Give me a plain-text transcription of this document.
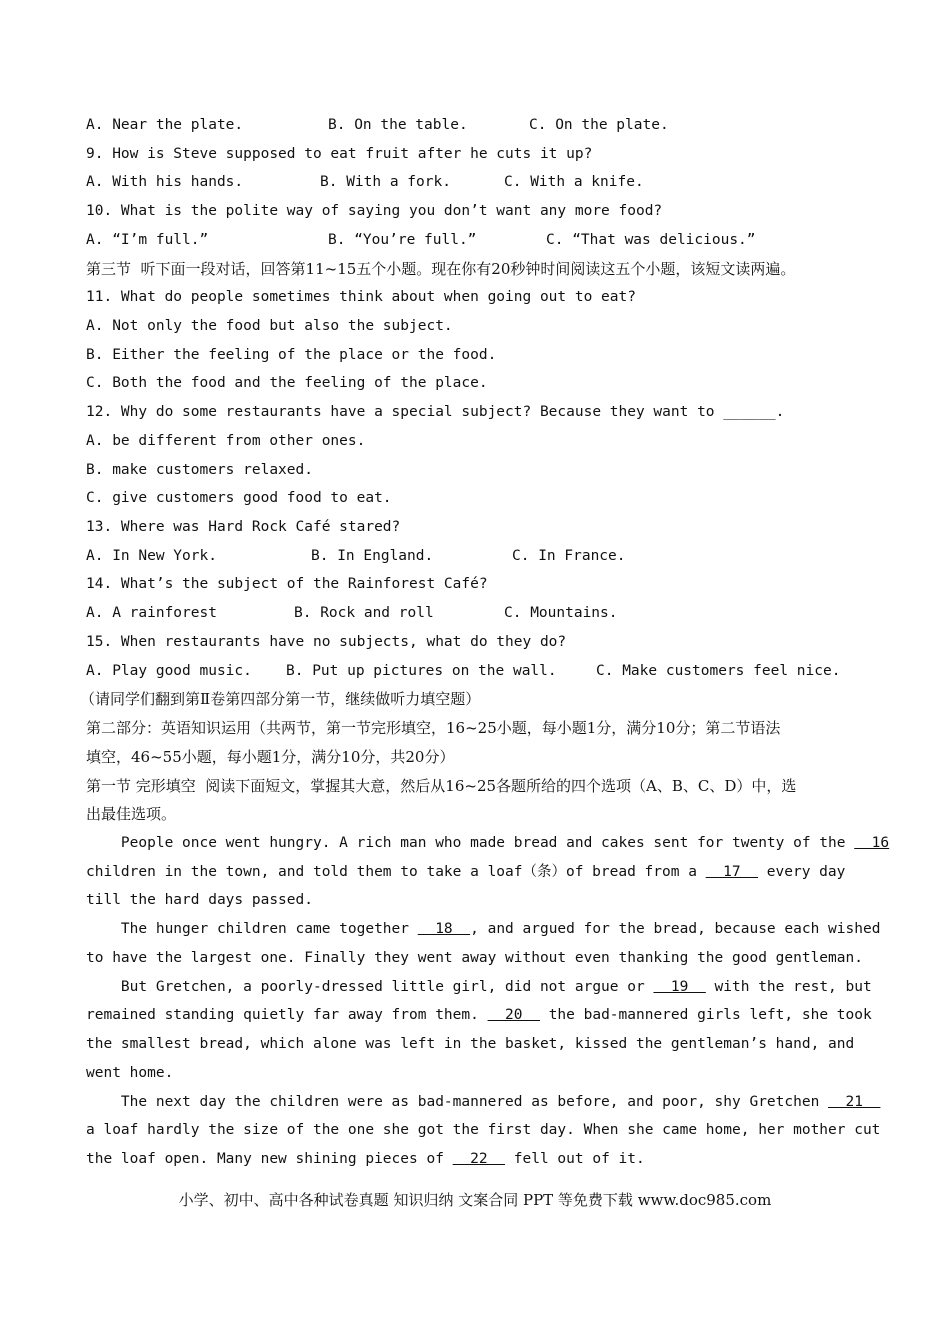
A. Near the plate.	B. On the table.	C. On the plate.
9. How is Steve supposed to eat fruit after he cuts it up?
A. With his hands.	B. With a fork.	C. With a knife.
10. What is the polite way of saying you don’t want any more food?
A. “I’m full.”	B. “You’re full.”	C. “That was delicious.”
第三节  听下面一段对话，回答第11~15五个小题。现在你有20秒钟时间阅读这五个小题，该短文读两遍。
11. What do people sometimes think about when going out to eat?
A. Not only the food but also the subject.
B. Either the feeling of the place or the food.
C. Both the food and the feeling of the place.
12. Why do some restaurants have a special subject? Because they want to ______.
A. be different from other ones.
B. make customers relaxed.
C. give customers good food to eat.
13. Where was Hard Rock Café stared?
A. In New York.	B. In England.	C. In France.
14. What’s the subject of the Rainforest Café?
A. A rainforest	B. Rock and roll	C. Mountains.
15. When restaurants have no subjects, what do they do?
A. Play good music. B. Put up pictures on the wall.	C. Make customers feel nice.
（请同学们翻到第Ⅱ卷第四部分第一节，继续做听力填空题）
第二部分：英语知识运用（共两节，第一节完形填空，16~25小题，每小题1分，满分10分；第二节语法
填空，46~55小题，每小题1分，满分10分，共20分）
第一节 完形填空  阅读下面短文，掌握其大意，然后从16~25各题所给的四个选项（A、B、C、D）中，选
出最佳选项。
People once went hungry. A rich man who made bread and cakes sent for twenty of the   16
children in the town, and told them to take a loaf（条）of bread from a   17   every day
till the hard days passed.
The hunger children came together   18  , and argued for the bread, because each wished
to have the largest one. Finally they went away without even thanking the good gentleman.
But Gretchen, a poorly-dressed little girl, did not argue or   19   with the rest, but
remained standing quietly far away from them.   20   the bad-mannered girls left, she took
the smallest bread, which alone was left in the basket, kissed the gentleman’s hand, and
went home.
The next day the children were as bad-mannered as before, and poor, shy Gretchen   21
a loaf hardly the size of the one she got the first day. When she came home, her mother cut
the loaf open. Many new shining pieces of   22   fell out of it.
小学、初中、高中各种试卷真题 知识归纳 文案合同 PPT 等免费下载 www.doc985.com
